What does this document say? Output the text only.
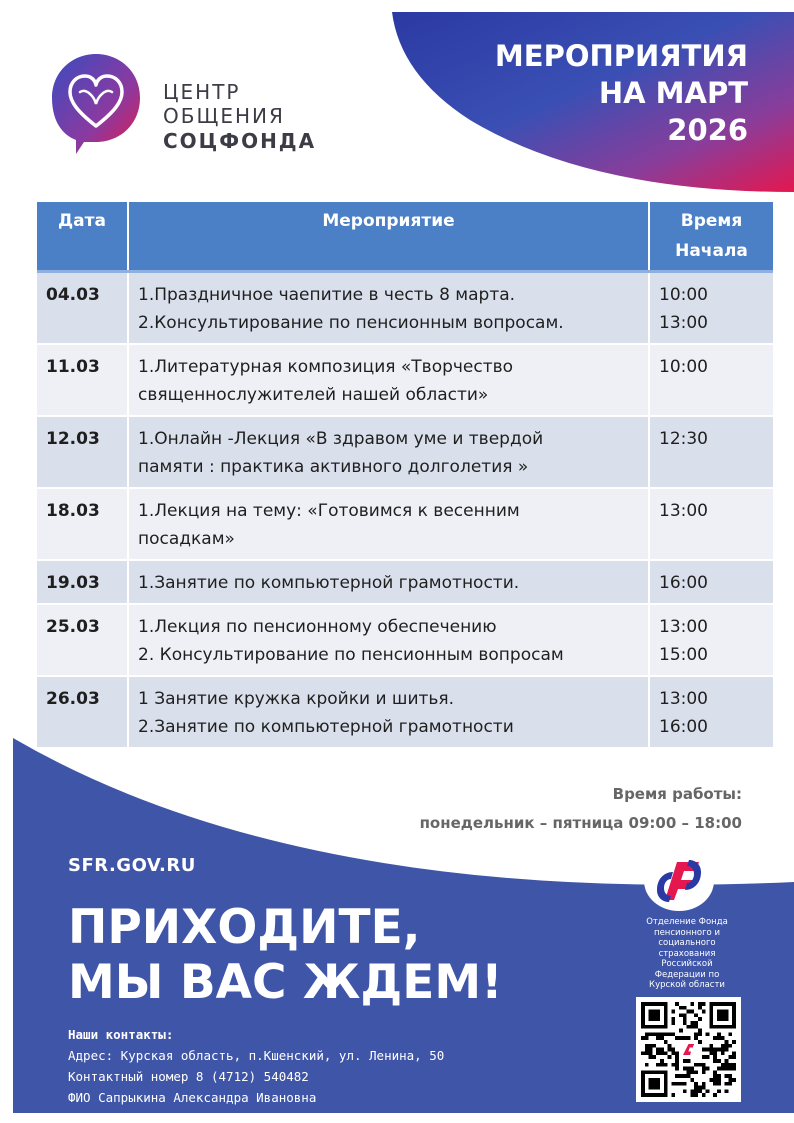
МЕРОПРИЯТИЯ
НА МАРТ
2026
ЦЕНТР
ОБЩЕНИЯ
СОЦФОНДА
Дата	Мероприятие	Время
Начала

04.03	1.Праздничное чаепитие в честь 8 марта.
2.Консультирование по пенсионным вопросам.	10:00
13:00

11.03	1.Литературная композиция «Творчество
священнослужителей нашей области»	10:00

12.03	1.Онлайн -Лекция «В здравом уме и твердой
памяти : практика активного долголетия »	12:30

18.03	1.Лекция на тему: «Готовимся к весенним
посадкам»	13:00

19.03	1.Занятие по компьютерной грамотности.	16:00

25.03	1.Лекция по пенсионному обеспечению
2. Консультирование по пенсионным вопросам	13:00
15:00

26.03	1 Занятие кружка кройки и шитья.
2.Занятие по компьютерной грамотности	13:00
16:00
Время работы:
понедельник – пятница 09:00 – 18:00
SFR.GOV.RU
ПРИХОДИТЕ,
МЫ ВАС ЖДЕМ!
Наши контакты:
Адрес: Курская область, п.Кшенский, ул. Ленина, 50
Контактный номер 8 (4712) 540482
ФИО Сапрыкина Александра Ивановна
Отделение Фонда
пенсионного и
социального
страхования
Российской
Федерации по
Курской области
